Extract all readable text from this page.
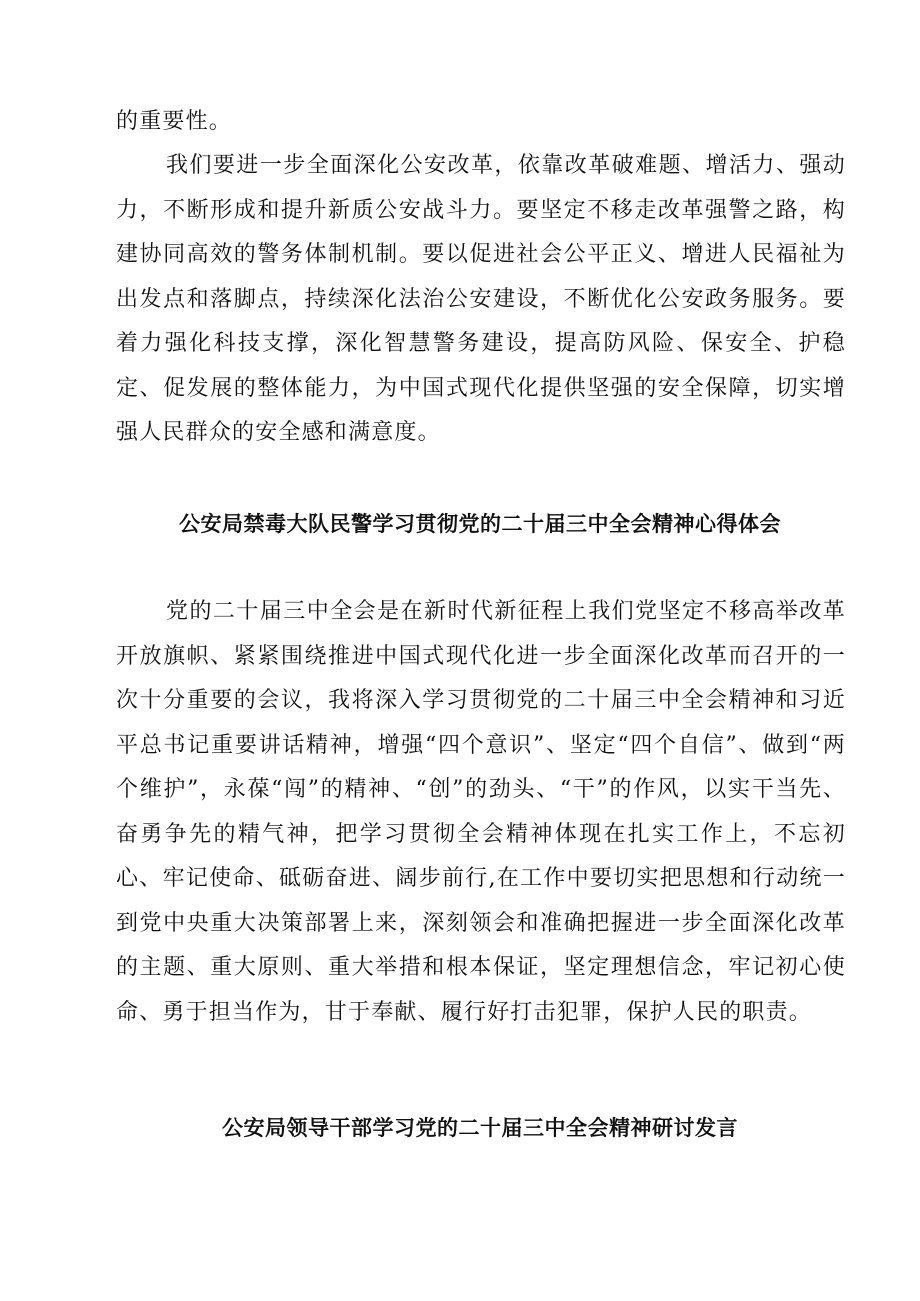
的重要性。

我们要进一步全面深化公安改革，依靠改革破难题、增活力、强动力，不断形成和提升新质公安战斗力。要坚定不移走改革强警之路，构建协同高效的警务体制机制。要以促进社会公平正义、增进人民福祉为出发点和落脚点，持续深化法治公安建设，不断优化公安政务服务。要着力强化科技支撑，深化智慧警务建设，提高防风险、保安全、护稳定、促发展的整体能力，为中国式现代化提供坚强的安全保障，切实增强人民群众的安全感和满意度。

公安局禁毒大队民警学习贯彻党的二十届三中全会精神心得体会

党的二十届三中全会是在新时代新征程上我们党坚定不移高举改革开放旗帜、紧紧围绕推进中国式现代化进一步全面深化改革而召开的一次十分重要的会议，我将深入学习贯彻党的二十届三中全会精神和习近平总书记重要讲话精神，增强“四个意识”、坚定“四个自信”、做到“两个维护”，永葆“闯”的精神、“创”的劲头、“干”的作风，以实干当先、奋勇争先的精气神，把学习贯彻全会精神体现在扎实工作上，不忘初心、牢记使命、砥砺奋进、阔步前行,在工作中要切实把思想和行动统一到党中央重大决策部署上来，深刻领会和准确把握进一步全面深化改革的主题、重大原则、重大举措和根本保证，坚定理想信念，牢记初心使命、勇于担当作为，甘于奉献、履行好打击犯罪，保护人民的职责。

公安局领导干部学习党的二十届三中全会精神研讨发言
